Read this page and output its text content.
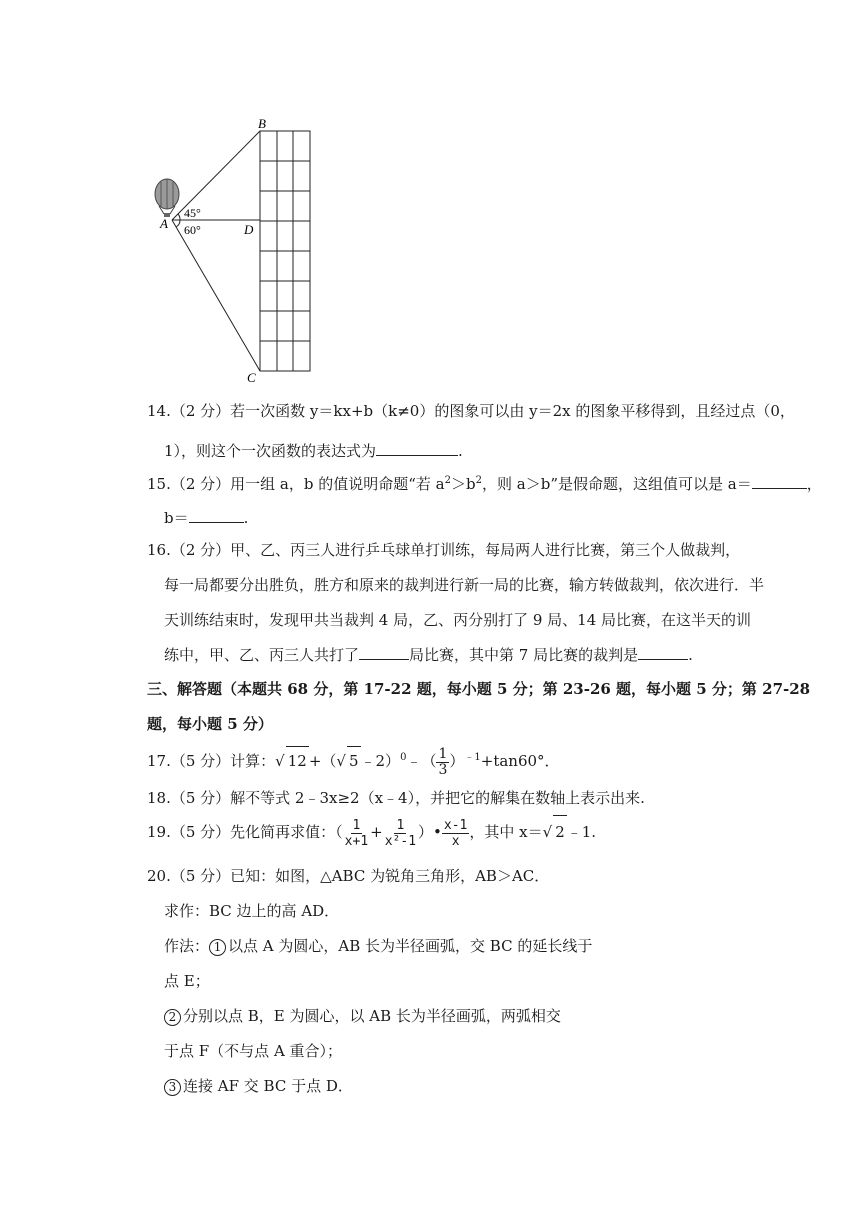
B
A	D
C
45°
60°
14.（2 分）若一次函数 y＝kx+b（k≠0）的图象可以由 y＝2x 的图象平移得到，且经过点（0，
1），则这个一次函数的表达式为	.
15.（2 分）用一组 a，b 的值说明命题“若 $a^2>b^2$，则 a＞b”是假命题，这组值可以是 a＝	，
b＝	.
16.（2 分）甲、乙、丙三人进行乒乓球单打训练，每局两人进行比赛，第三个人做裁判，
每一局都要分出胜负，胜方和原来的裁判进行新一局的比赛，输方转做裁判，依次进行．半
天训练结束时，发现甲共当裁判 4 局，乙、丙分别打了 9 局、14 局比赛，在这半天的训
练中，甲、乙、丙三人共打了	局比赛，其中第 7 局比赛的裁判是	.
三、解答题（本题共 68 分，第 17-22 题，每小题 5 分；第 23-26 题，每小题 5 分；第 27-28
题，每小题 5 分）
17.（5 分）计算：√ 12 +（√ 5 ﹣2）$^0$﹣（ $\frac{1}{3} )^{﹣1}+\tan 60^\circ$．
18.（5 分）解不等式 2﹣3x≥2（x﹣4），并把它的解集在数轴上表示出来.
19.（5 分）先化简再求值：（ $\frac{1}{x+1} + \frac{1}{\text{x²-1}}$ ）• $\frac{x-1}{x}$ ，其中 x＝√ 2 ﹣1.
20.（5 分）已知：如图，△ABC 为锐角三角形，AB＞AC．
求作：BC 边上的高 AD．
作法： 1 以点 A 为圆心，AB 长为半径画弧，交 BC 的延长线于
点 E；
2 分别以点 B，E 为圆心，以 AB 长为半径画弧，两弧相交
于点 F（不与点 A 重合）；
3 连接 AF 交 BC 于点 D．
